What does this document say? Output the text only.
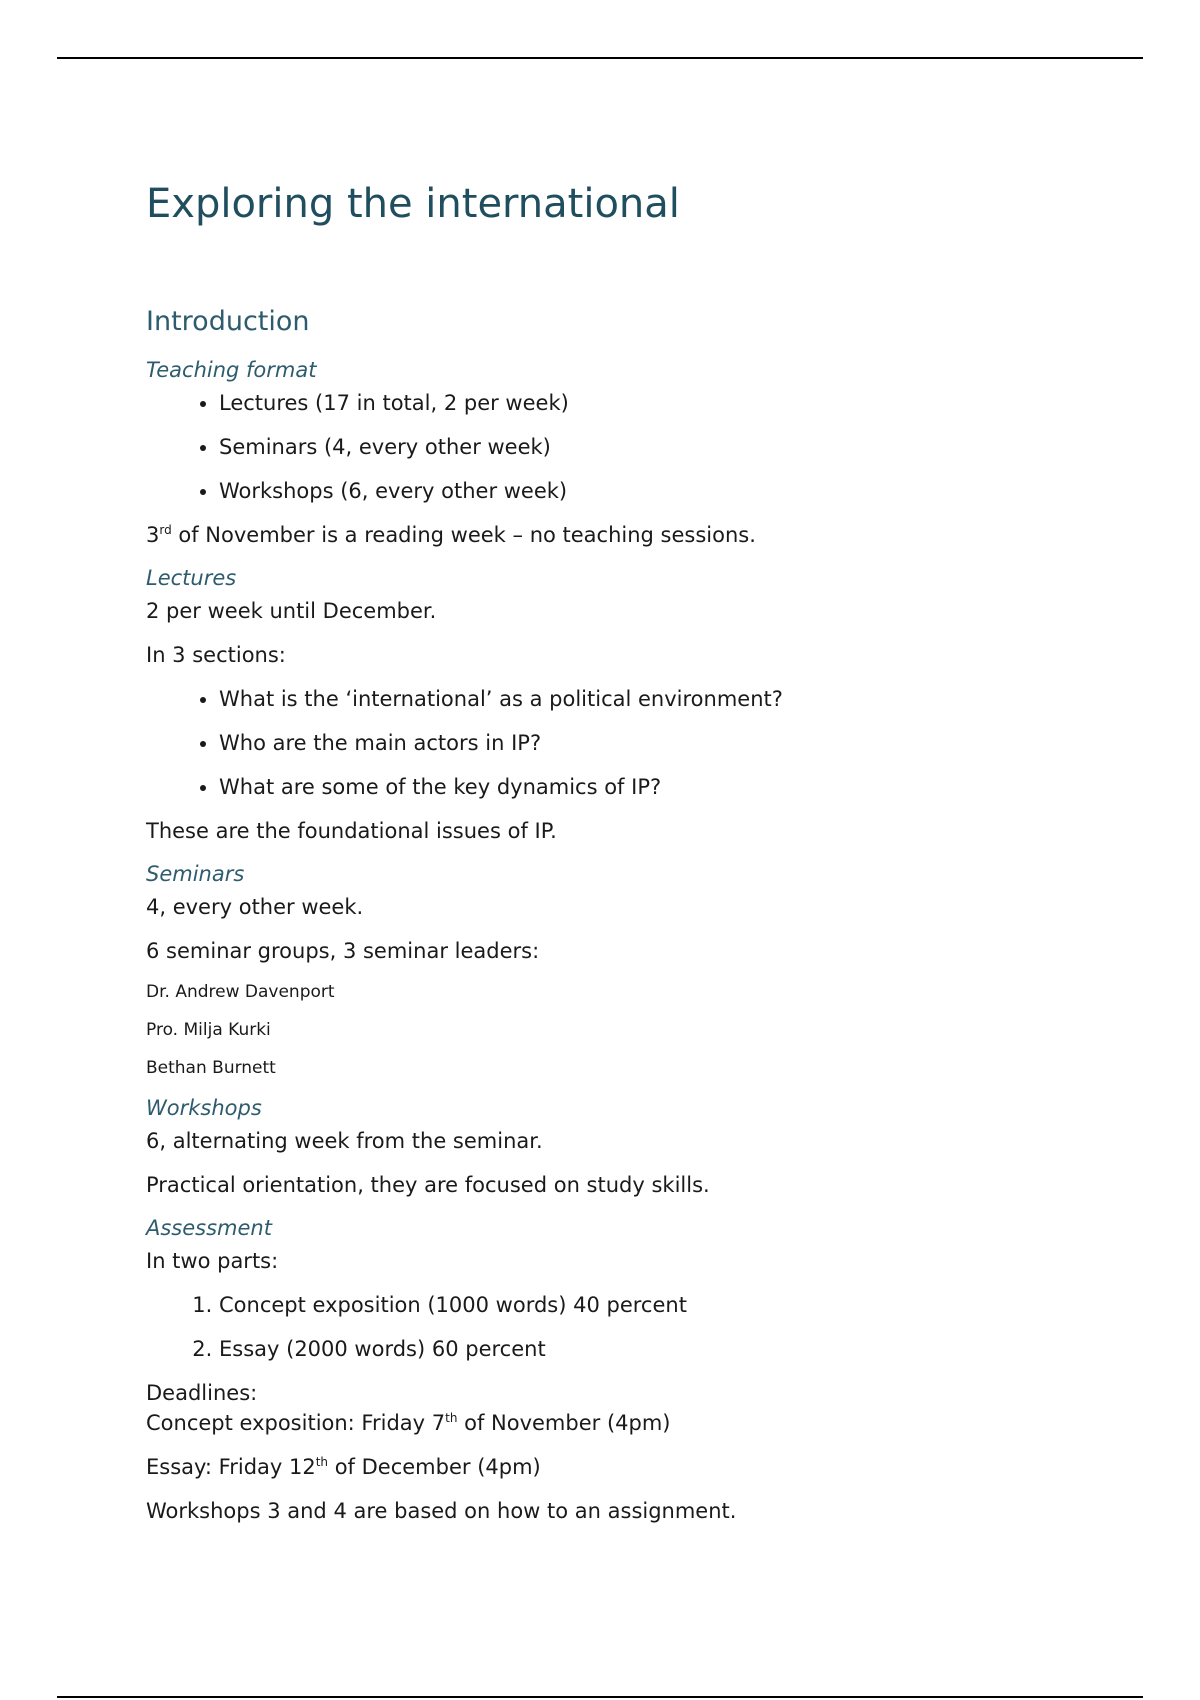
Exploring the international
Introduction
Teaching format
• Lectures (17 in total, 2 per week)
• Seminars (4, every other week)
• Workshops (6, every other week)

3rd of November is a reading week – no teaching sessions.

Lectures

2 per week until December.

In 3 sections:

• What is the ‘international’ as a political environment?
• Who are the main actors in IP?
• What are some of the key dynamics of IP?

These are the foundational issues of IP.

Seminars

4, every other week.

6 seminar groups, 3 seminar leaders:

Dr. Andrew Davenport

Pro. Milja Kurki

Bethan Burnett

Workshops

6, alternating week from the seminar.

Practical orientation, they are focused on study skills.

Assessment

In two parts:

1. Concept exposition (1000 words) 40 percent
2. Essay (2000 words) 60 percent

Deadlines:

Concept exposition: Friday 7th of November (4pm)

Essay: Friday 12th of December (4pm)

Workshops 3 and 4 are based on how to an assignment.
